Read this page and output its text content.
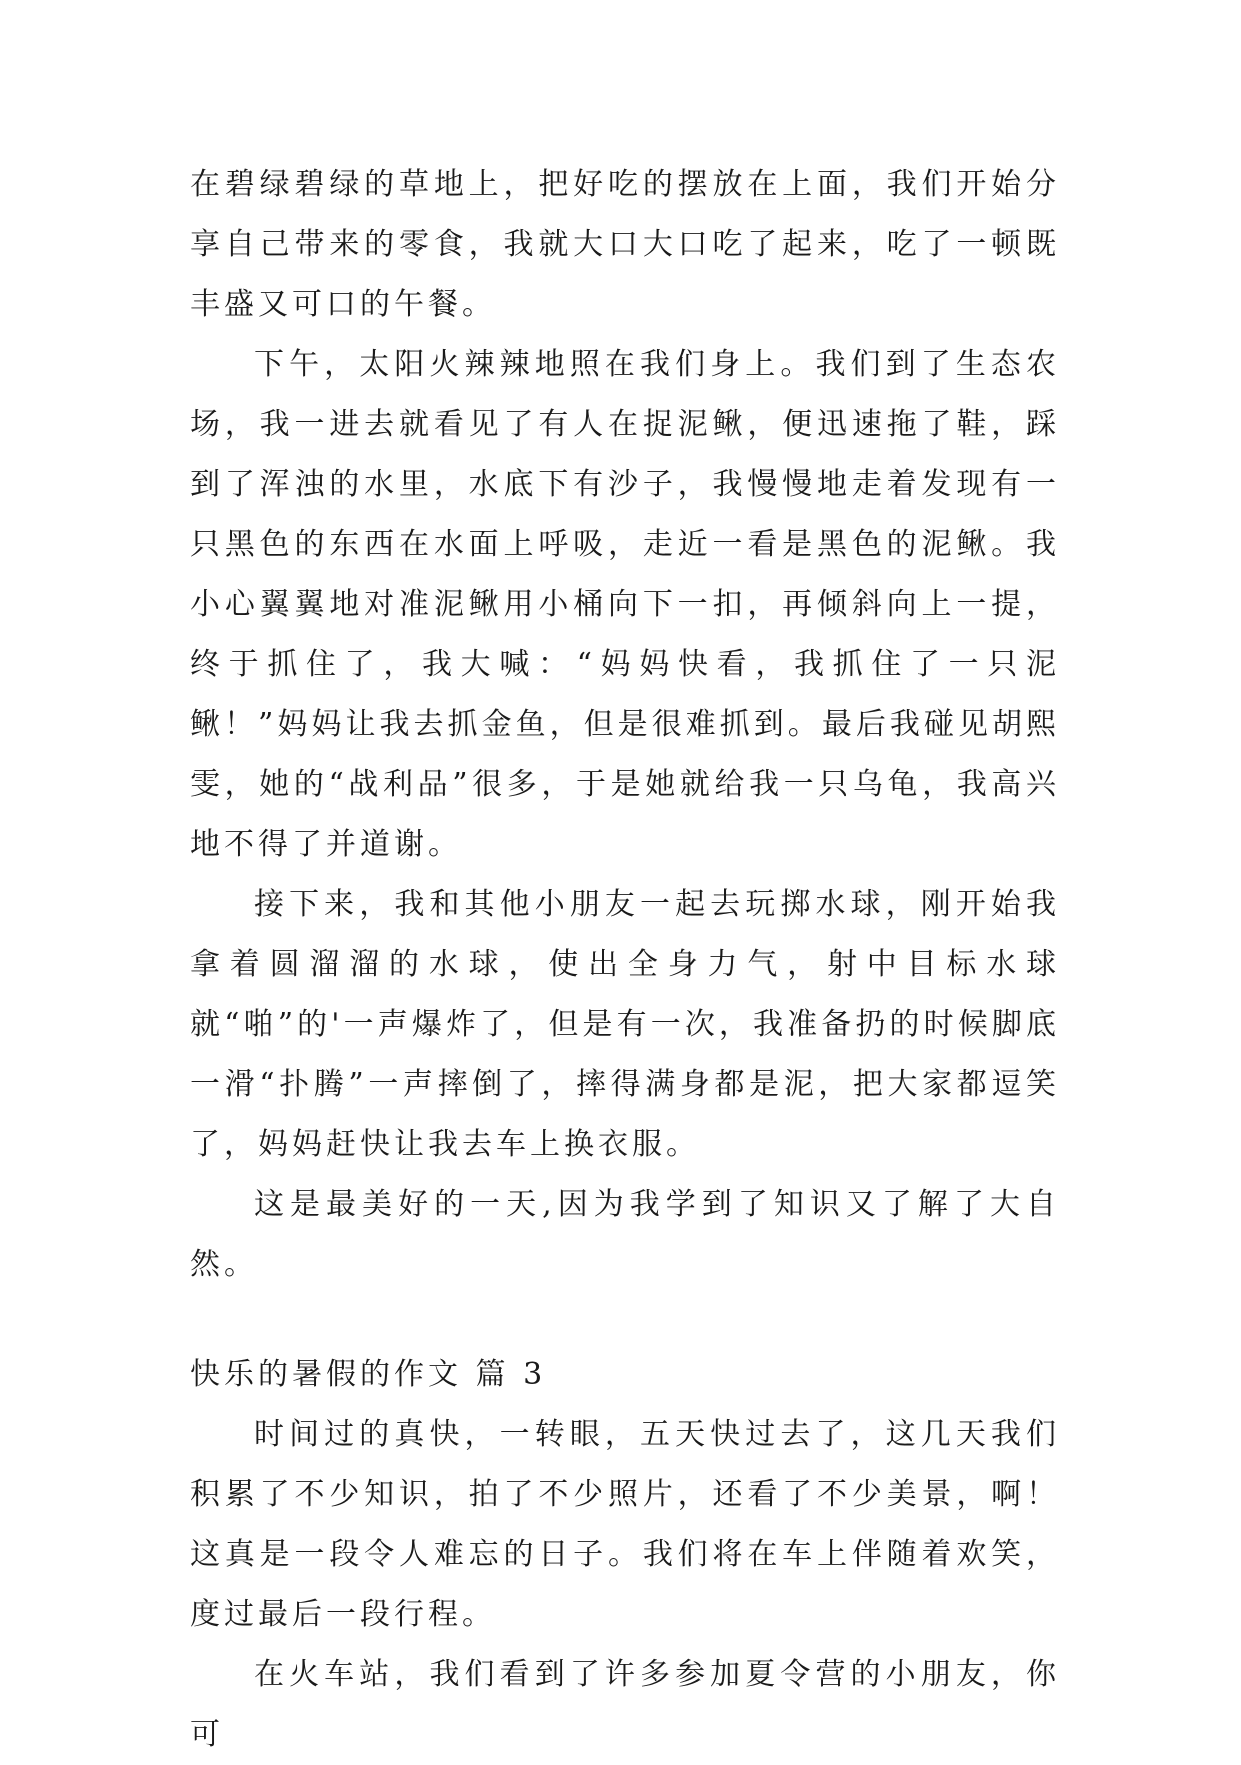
在碧绿碧绿的草地上，把好吃的摆放在上面，我们开始分享自己带来的零食，我就大口大口吃了起来，吃了一顿既丰盛又可口的午餐。

下午，太阳火辣辣地照在我们身上。我们到了生态农场，我一进去就看见了有人在捉泥鳅，便迅速拖了鞋，踩到了浑浊的水里，水底下有沙子，我慢慢地走着发现有一只黑色的东西在水面上呼吸，走近一看是黑色的泥鳅。我小心翼翼地对准泥鳅用小桶向下一扣，再倾斜向上一提，终于抓住了，我大喊：“妈妈快看，我抓住了一只泥鳅！”妈妈让我去抓金鱼，但是很难抓到。最后我碰见胡熙雯，她的“战利品”很多，于是她就给我一只乌龟，我高兴地不得了并道谢。

接下来，我和其他小朋友一起去玩掷水球，刚开始我拿着圆溜溜的水球，使出全身力气，射中目标水球就“啪”的'一声爆炸了，但是有一次，我准备扔的时候脚底一滑“扑腾”一声摔倒了，摔得满身都是泥，把大家都逗笑了，妈妈赶快让我去车上换衣服。

这是最美好的一天,因为我学到了知识又了解了大自然。

快乐的暑假的作文 篇 3

时间过的真快，一转眼，五天快过去了，这几天我们积累了不少知识，拍了不少照片，还看了不少美景，啊！这真是一段令人难忘的日子。我们将在车上伴随着欢笑，度过最后一段行程。

在火车站，我们看到了许多参加夏令营的小朋友，你可
